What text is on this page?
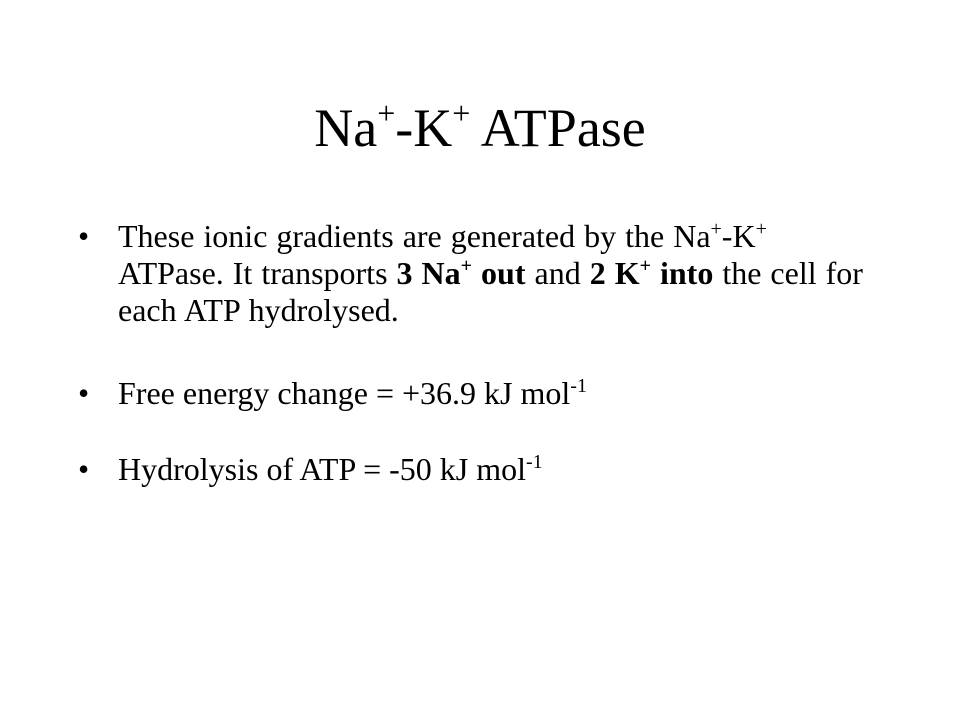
Na+-K+ ATPase
• These ionic gradients are generated by the Na+-K+ ATPase. It transports 3 Na+ out and 2 K+ into the cell for each ATP hydrolysed.
• Free energy change = +36.9 kJ mol$^{-1}$
• Hydrolysis of ATP = -50 kJ mol$^{-1}$
